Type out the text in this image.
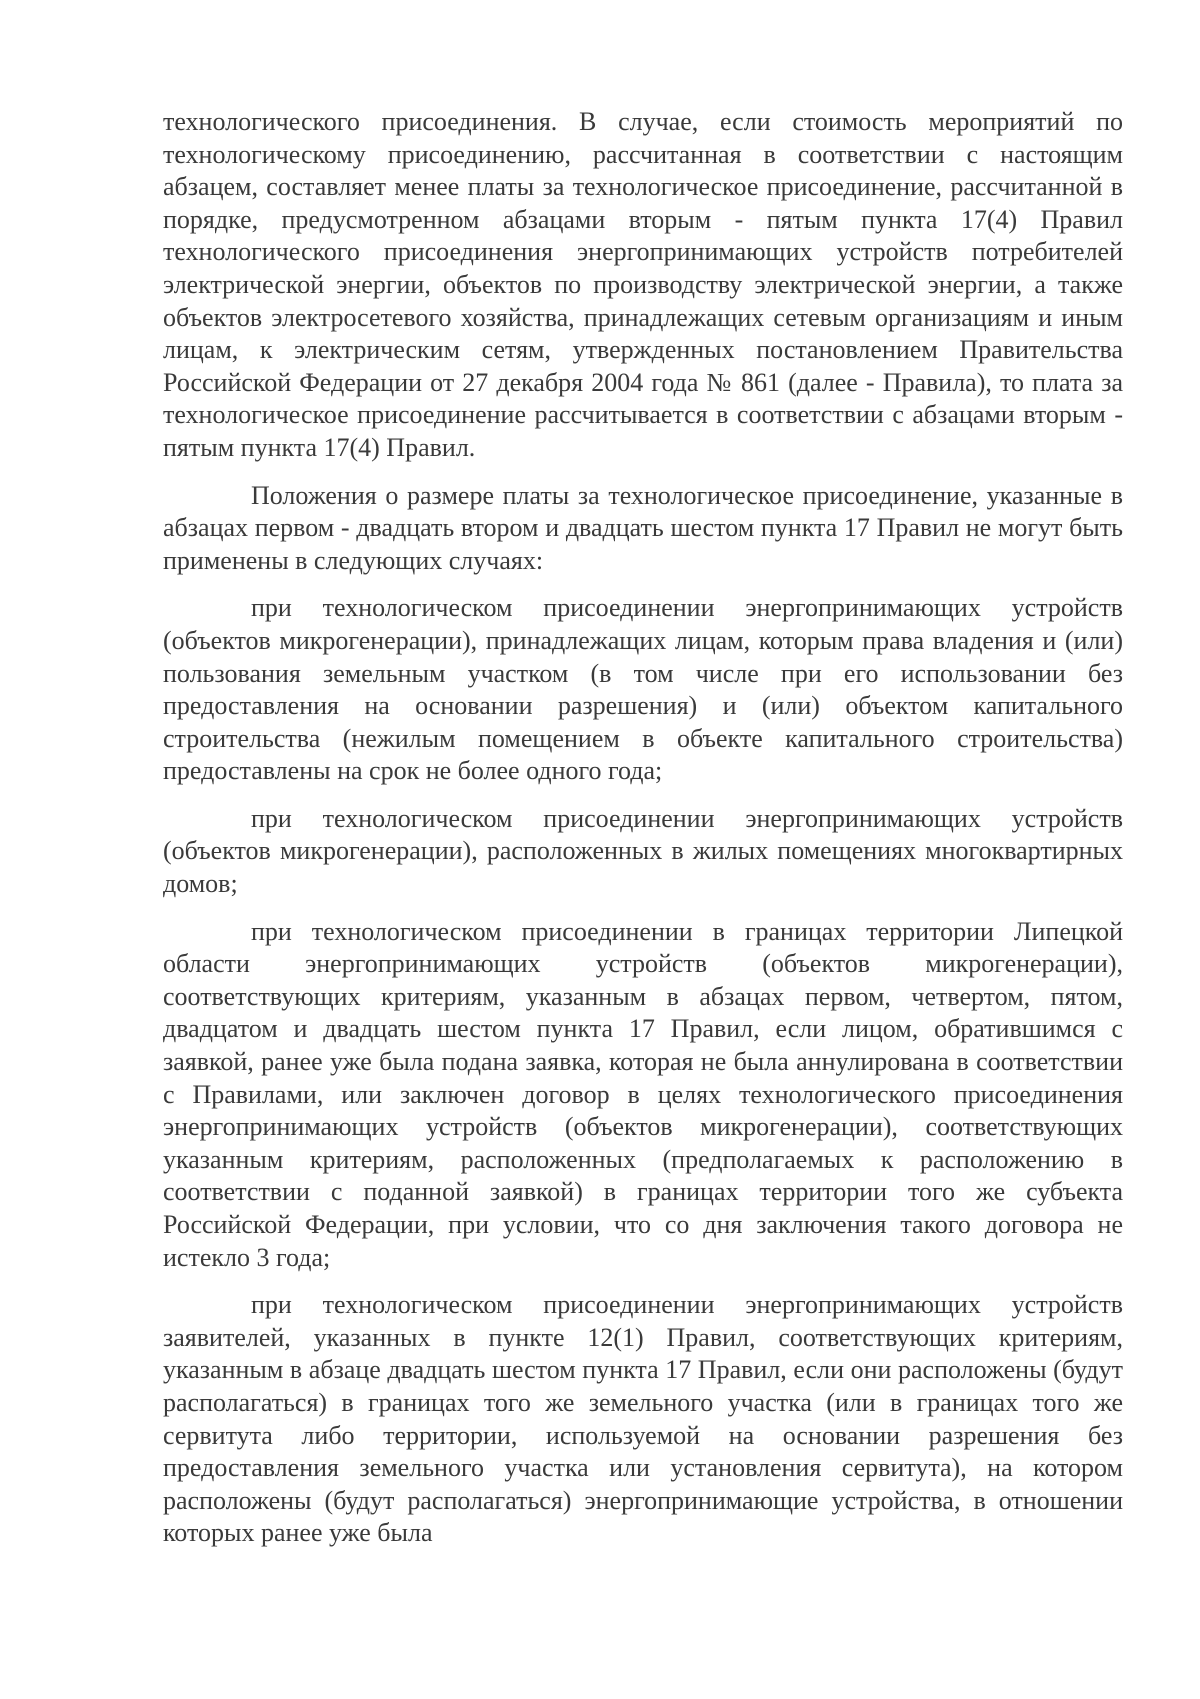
технологического присоединения. В случае, если стоимость мероприятий по технологическому присоединению, рассчитанная в соответствии с настоящим абзацем, составляет менее платы за технологическое присоединение, рассчитанной в порядке, предусмотренном абзацами вторым - пятым пункта 17(4) Правил технологического присоединения энергопринимающих устройств потребителей электрической энергии, объектов по производству электрической энергии, а также объектов электросетевого хозяйства, принадлежащих сетевым организациям и иным лицам, к электрическим сетям, утвержденных постановлением Правительства Российской Федерации от 27 декабря 2004 года № 861 (далее - Правила), то плата за технологическое присоединение рассчитывается в соответствии с абзацами вторым - пятым пункта 17(4) Правил.

Положения о размере платы за технологическое присоединение, указанные в абзацах первом - двадцать втором и двадцать шестом пункта 17 Правил не могут быть применены в следующих случаях:

при технологическом присоединении энергопринимающих устройств (объектов микрогенерации), принадлежащих лицам, которым права владения и (или) пользования земельным участком (в том числе при его использовании без предоставления на основании разрешения) и (или) объектом капитального строительства (нежилым помещением в объекте капитального строительства) предоставлены на срок не более одного года;

при технологическом присоединении энергопринимающих устройств (объектов микрогенерации), расположенных в жилых помещениях многоквартирных домов;

при технологическом присоединении в границах территории Липецкой области энергопринимающих устройств (объектов микрогенерации), соответствующих критериям, указанным в абзацах первом, четвертом, пятом, двадцатом и двадцать шестом пункта 17 Правил, если лицом, обратившимся с заявкой, ранее уже была подана заявка, которая не была аннулирована в соответствии с Правилами, или заключен договор в целях технологического присоединения энергопринимающих устройств (объектов микрогенерации), соответствующих указанным критериям, расположенных (предполагаемых к расположению в соответствии с поданной заявкой) в границах территории того же субъекта Российской Федерации, при условии, что со дня заключения такого договора не истекло 3 года;

при технологическом присоединении энергопринимающих устройств заявителей, указанных в пункте 12(1) Правил, соответствующих критериям, указанным в абзаце двадцать шестом пункта 17 Правил, если они расположены (будут располагаться) в границах того же земельного участка (или в границах того же сервитута либо территории, используемой на основании разрешения без предоставления земельного участка или установления сервитута), на котором расположены (будут располагаться) энергопринимающие устройства, в отношении которых ранее уже была
